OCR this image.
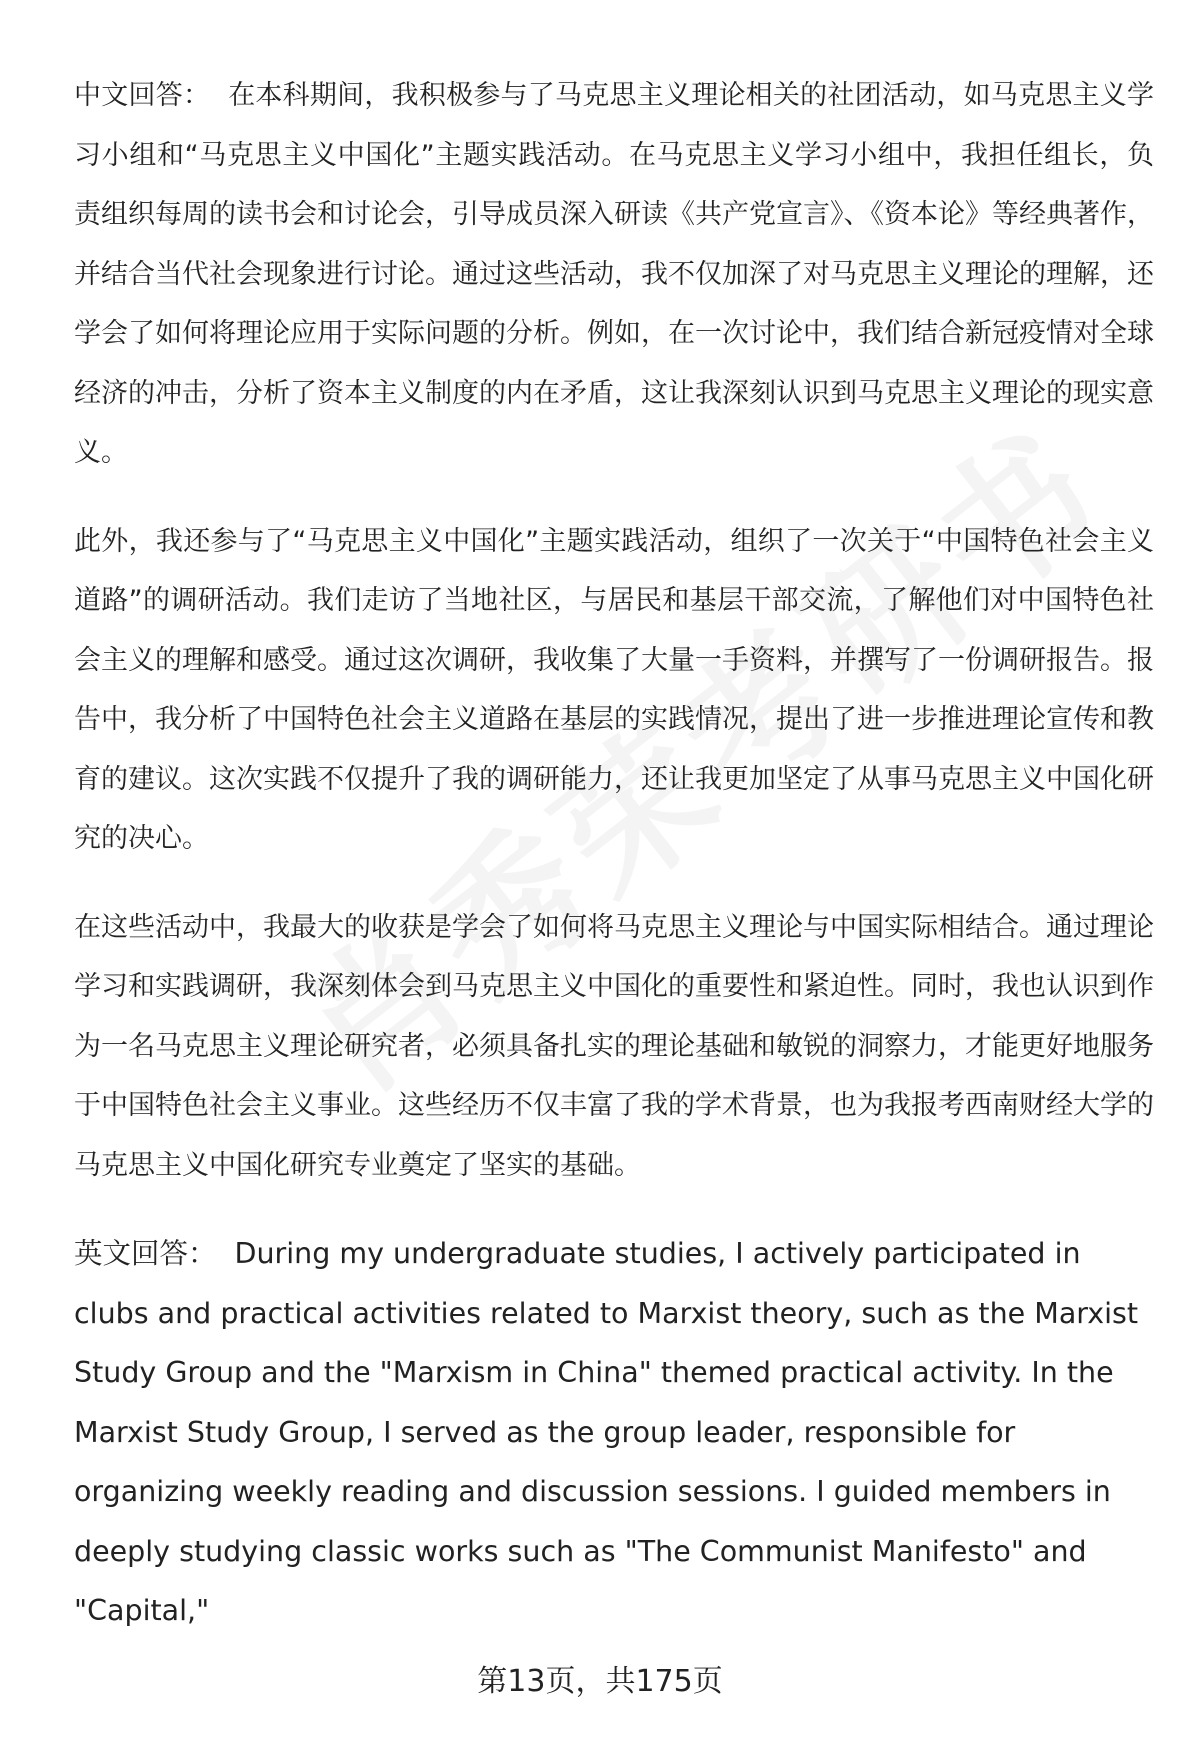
中文回答： 在本科期间，我积极参与了马克思主义理论相关的社团活动，如马克思主义学习小组和“马克思主义中国化”主题实践活动。在马克思主义学习小组中，我担任组长，负责组织每周的读书会和讨论会，引导成员深入研读《共产党宣言》、《资本论》等经典著作，并结合当代社会现象进行讨论。通过这些活动，我不仅加深了对马克思主义理论的理解，还学会了如何将理论应用于实际问题的分析。例如，在一次讨论中，我们结合新冠疫情对全球经济的冲击，分析了资本主义制度的内在矛盾，这让我深刻认识到马克思主义理论的现实意义。

此外，我还参与了“马克思主义中国化”主题实践活动，组织了一次关于“中国特色社会主义道路”的调研活动。我们走访了当地社区，与居民和基层干部交流，了解他们对中国特色社会主义的理解和感受。通过这次调研，我收集了大量一手资料，并撰写了一份调研报告。报告中，我分析了中国特色社会主义道路在基层的实践情况，提出了进一步推进理论宣传和教育的建议。这次实践不仅提升了我的调研能力，还让我更加坚定了从事马克思主义中国化研究的决心。

在这些活动中，我最大的收获是学会了如何将马克思主义理论与中国实际相结合。通过理论学习和实践调研，我深刻体会到马克思主义中国化的重要性和紧迫性。同时，我也认识到作为一名马克思主义理论研究者，必须具备扎实的理论基础和敏锐的洞察力，才能更好地服务于中国特色社会主义事业。这些经历不仅丰富了我的学术背景，也为我报考西南财经大学的马克思主义中国化研究专业奠定了坚实的基础。

英文回答： During my undergraduate studies, I actively participated in clubs and practical activities related to Marxist theory, such as the Marxist Study Group and the "Marxism in China" themed practical activity. In the Marxist Study Group, I served as the group leader, responsible for organizing weekly reading and discussion sessions. I guided members in deeply studying classic works such as "The Communist Manifesto" and "Capital,"

第13页，共175页
